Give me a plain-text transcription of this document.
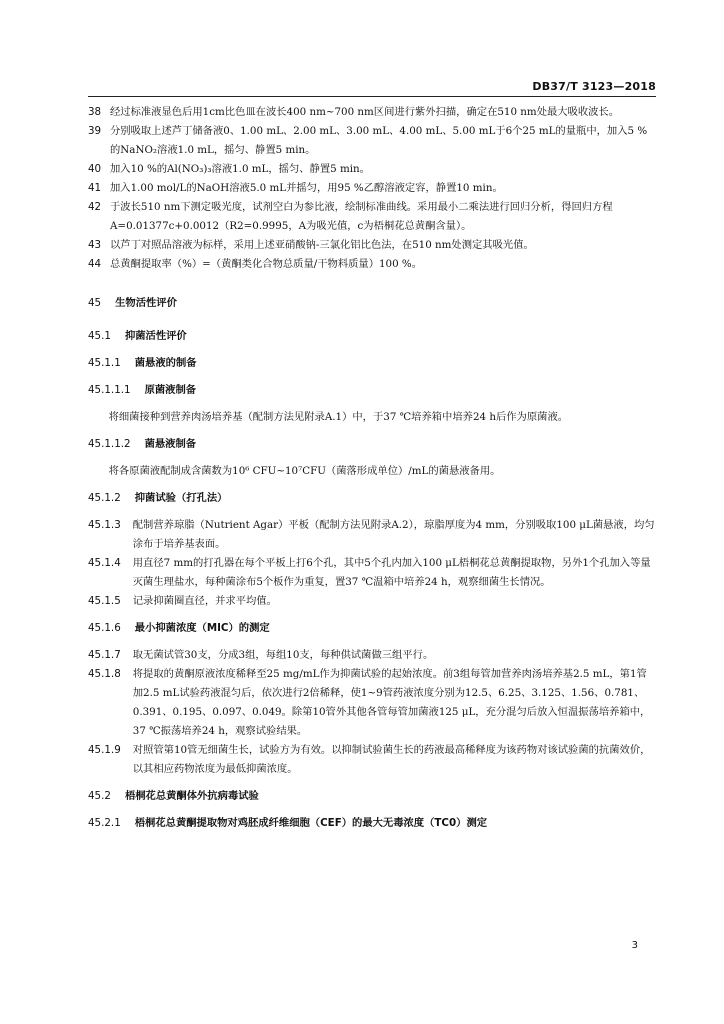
DB37/T 3123—2018
38 经过标准液显色后用1cm比色皿在波长400 nm~700 nm区间进行紫外扫描，确定在510 nm处最大吸收波长。
39 分别吸取上述芦丁储备液0、1.00 mL、2.00 mL、3.00 mL、4.00 mL、5.00 mL于6个25 mL的量瓶中，加入5 %的NaNO₂溶液1.0 mL，摇匀、静置5 min。
40 加入10 %的Al(NO₃)₃溶液1.0 mL，摇匀、静置5 min。
41 加入1.00 mol/L的NaOH溶液5.0 mL并摇匀，用95 %乙醇溶液定容，静置10 min。
42 于波长510 nm下测定吸光度，试剂空白为参比液，绘制标准曲线。采用最小二乘法进行回归分析，得回归方程A=0.01377c+0.0012（R2=0.9995，A为吸光值，c为梧桐花总黄酮含量）。
43 以芦丁对照品溶液为标样，采用上述亚硝酸钠-三氯化铝比色法，在510 nm处测定其吸光值。
44 总黄酮提取率（%）=（黄酮类化合物总质量/干物料质量）100 %。
45 生物活性评价
45.1 抑菌活性评价
45.1.1 菌悬液的制备
45.1.1.1 原菌液制备
将细菌接种到营养肉汤培养基（配制方法见附录A.1）中，于37 ℃培养箱中培养24 h后作为原菌液。
45.1.1.2 菌悬液制备
将各原菌液配制成含菌数为10⁶ CFU~10⁷CFU（菌落形成单位）/mL的菌悬液备用。
45.1.2 抑菌试验（打孔法）
45.1.3 配制营养琼脂（Nutrient Agar）平板（配制方法见附录A.2），琼脂厚度为4 mm，分别吸取100 μL菌悬液，均匀涂布于培养基表面。
45.1.4 用直径7 mm的打孔器在每个平板上打6个孔，其中5个孔内加入100 μL梧桐花总黄酮提取物，另外1个孔加入等量灭菌生理盐水，每种菌涂布5个板作为重复，置37 ℃温箱中培养24 h，观察细菌生长情况。
45.1.5 记录抑菌圈直径，并求平均值。
45.1.6 最小抑菌浓度（MIC）的测定
45.1.7 取无菌试管30支，分成3组，每组10支，每种供试菌做三组平行。
45.1.8 将提取的黄酮原液浓度稀释至25 mg/mL作为抑菌试验的起始浓度。前3组每管加营养肉汤培养基2.5 mL，第1管加2.5 mL试验药液混匀后，依次进行2倍稀释，使1~9管药液浓度分别为12.5、6.25、3.125、1.56、0.781、0.391、0.195、0.097、0.049。除第10管外其他各管每管加菌液125 μL，充分混匀后放入恒温振荡培养箱中，37 ℃振荡培养24 h，观察试验结果。
45.1.9 对照管第10管无细菌生长，试验方为有效。以抑制试验菌生长的药液最高稀释度为该药物对该试验菌的抗菌效价，以其相应药物浓度为最低抑菌浓度。
45.2 梧桐花总黄酮体外抗病毒试验
45.2.1 梧桐花总黄酮提取物对鸡胚成纤维细胞（CEF）的最大无毒浓度（TC0）测定
3
